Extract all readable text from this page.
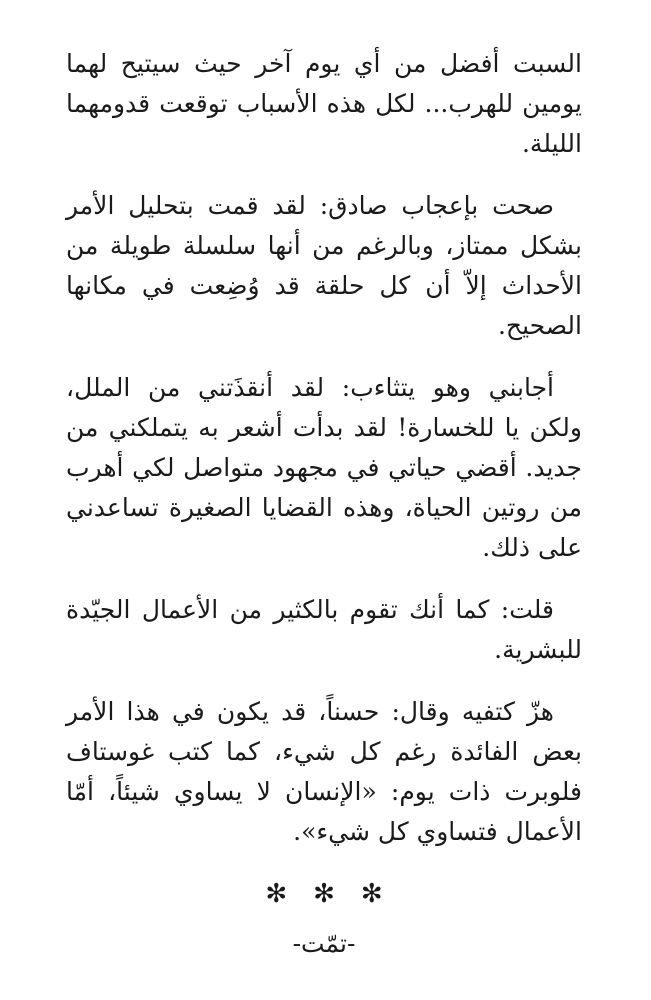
السبت أفضل من أي يوم آخر حيث سيتيح لهما يومين للهرب... لكل هذه الأسباب توقعت قدومهما الليلة.

صحت بإعجاب صادق: لقد قمت بتحليل الأمر بشكل ممتاز، وبالرغم من أنها سلسلة طويلة من الأحداث إلاّ أن كل حلقة قد وُضِعت في مكانها الصحيح.

أجابني وهو يتثاءب: لقد أنقذَتني من الملل، ولكن يا للخسارة! لقد بدأت أشعر به يتملكني من جديد. أقضي حياتي في مجهود متواصل لكي أهرب من روتين الحياة، وهذه القضايا الصغيرة تساعدني على ذلك.

قلت: كما أنك تقوم بالكثير من الأعمال الجيّدة للبشرية.

هزّ كتفيه وقال: حسناً، قد يكون في هذا الأمر بعض الفائدة رغم كل شيء، كما كتب غوستاف فلوبرت ذات يوم: «الإنسان لا يساوي شيئاً، أمّا الأعمال فتساوي كل شيء».

✻✻✻
-تمّت-
